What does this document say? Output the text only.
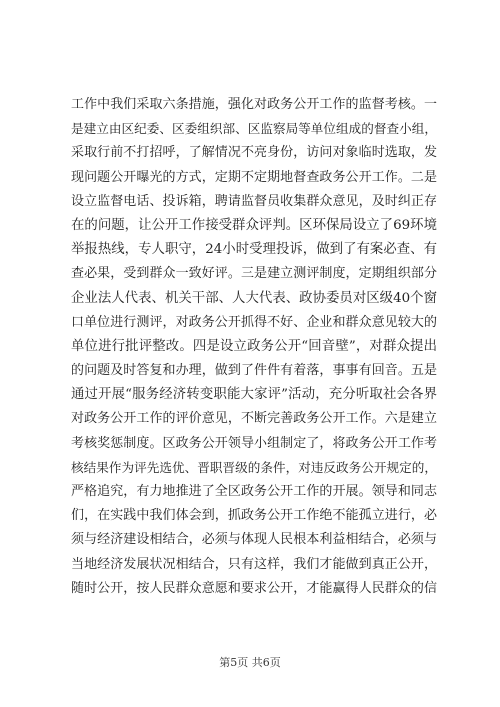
工作中我们采取六条措施，强化对政务公开工作的监督考核。一
是建立由区纪委、区委组织部、区监察局等单位组成的督查小组，
采取行前不打招呼，了解情况不亮身份，访问对象临时选取，发
现问题公开曝光的方式，定期不定期地督查政务公开工作。二是
设立监督电话、投诉箱，聘请监督员收集群众意见，及时纠正存
在的问题，让公开工作接受群众评判。区环保局设立了69环境
举报热线，专人职守，24小时受理投诉，做到了有案必查、有
查必果，受到群众一致好评。三是建立测评制度，定期组织部分
企业法人代表、机关干部、人大代表、政协委员对区级40个窗
口单位进行测评，对政务公开抓得不好、企业和群众意见较大的
单位进行批评整改。四是设立政务公开“回音壁”，对群众提出
的问题及时答复和办理，做到了件件有着落，事事有回音。五是
通过开展“服务经济转变职能大家评”活动，充分听取社会各界
对政务公开工作的评价意见，不断完善政务公开工作。六是建立
考核奖惩制度。区政务公开领导小组制定了，将政务公开工作考
核结果作为评先选优、晋职晋级的条件，对违反政务公开规定的，
严格追究，有力地推进了全区政务公开工作的开展。领导和同志
们，在实践中我们体会到，抓政务公开工作绝不能孤立进行，必
须与经济建设相结合，必须与体现人民根本利益相结合，必须与
当地经济发展状况相结合，只有这样，我们才能做到真正公开，
随时公开，按人民群众意愿和要求公开，才能赢得人民群众的信
第5页 共6页
